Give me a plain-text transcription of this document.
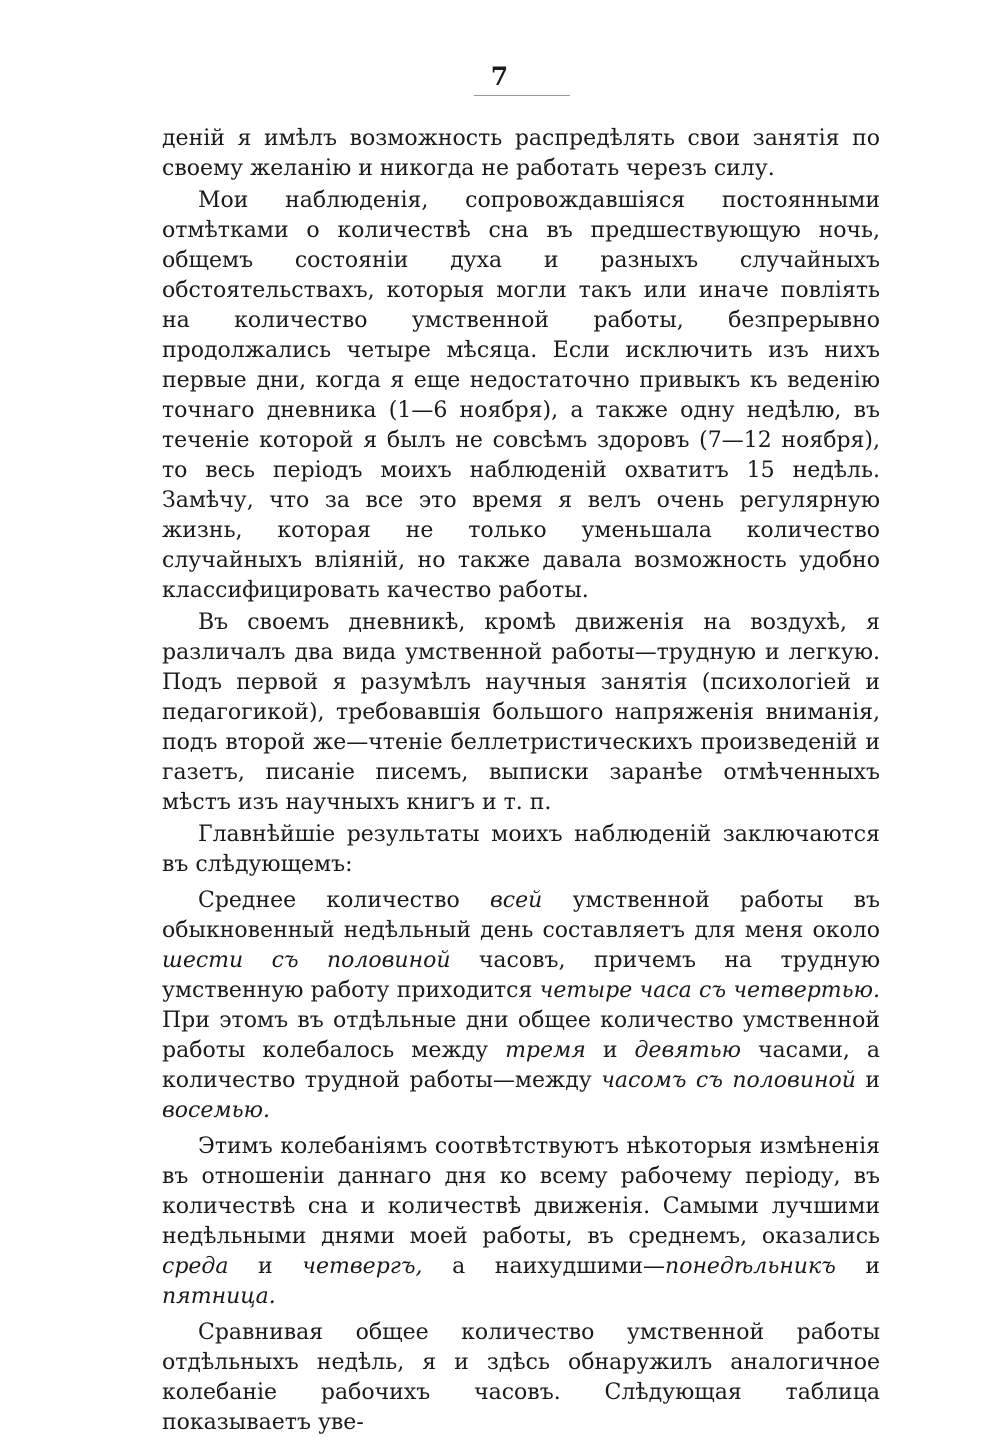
7

деній я имѣлъ возможность распредѣлять свои занятія по своему желанію и никогда не работать черезъ силу.

Мои наблюденія, сопровождавшіяся постоянными отмѣтками о количествѣ сна въ предшествующую ночь, общемъ состояніи духа и разныхъ случайныхъ обстоятельствахъ, которыя могли такъ или иначе повліять на количество умственной работы, безпрерывно продолжались четыре мѣсяца. Если исключить изъ нихъ первые дни, когда я еще недостаточно привыкъ къ веденію точнаго дневника (1—6 ноября), а также одну недѣлю, въ теченіе которой я былъ не совсѣмъ здоровъ (7—12 ноября), то весь періодъ моихъ наблюденій охватитъ 15 недѣль. Замѣчу, что за все это время я велъ очень регулярную жизнь, которая не только уменьшала количество случайныхъ вліяній, но также давала возможность удобно классифицировать качество работы.

Въ своемъ дневникѣ, кромѣ движенія на воздухѣ, я различалъ два вида умственной работы—трудную и легкую. Подъ первой я разумѣлъ научныя занятія (психологіей и педагогикой), требовавшія большого напряженія вниманія, подъ второй же—чтеніе беллетристическихъ произведеній и газетъ, писаніе писемъ, выписки заранѣе отмѣченныхъ мѣстъ изъ научныхъ книгъ и т. п.

Главнѣйшіе результаты моихъ наблюденій заключаются въ слѣдующемъ:

Среднее количество всей умственной работы въ обыкновенный недѣльный день составляетъ для меня около шести съ половиной часовъ, причемъ на трудную умственную работу приходится четыре часа съ четвертью. При этомъ въ отдѣльные дни общее количество умственной работы колебалось между тремя и девятью часами, а количество трудной работы—между часомъ съ половиной и восемью.

Этимъ колебаніямъ соотвѣтствуютъ нѣкоторыя измѣненія въ отношеніи даннаго дня ко всему рабочему періоду, въ количествѣ сна и количествѣ движенія. Самыми лучшими недѣльными днями моей работы, въ среднемъ, оказались среда и четвергъ, а наихудшими—понедѣльникъ и пятница.

Сравнивая общее количество умственной работы отдѣльныхъ недѣль, я и здѣсь обнаружилъ аналогичное колебаніе рабочихъ часовъ. Слѣдующая таблица показываетъ уве-
